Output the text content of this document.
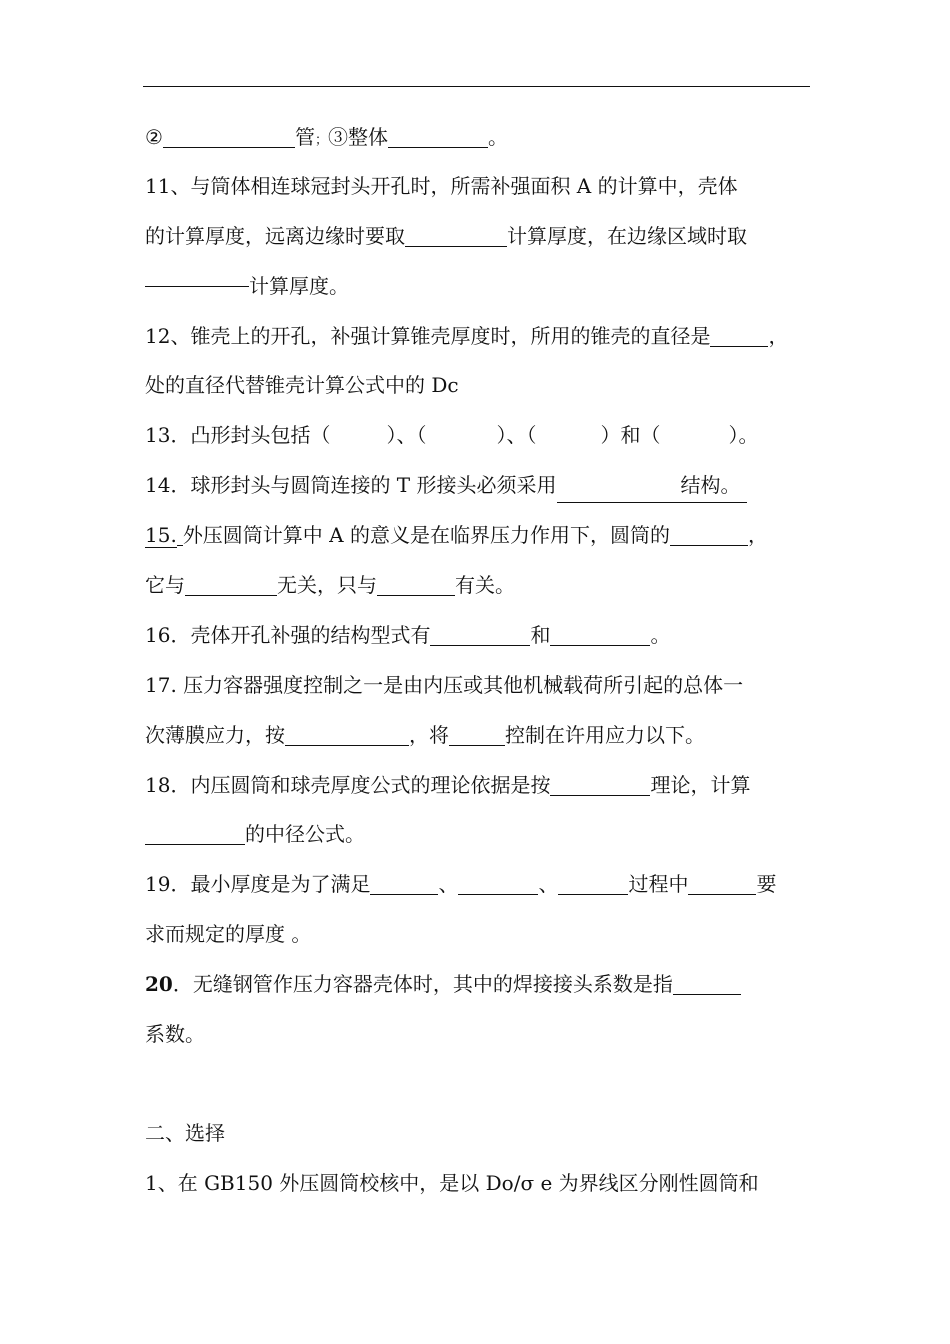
②	管；③整体	。
11、与筒体相连球冠封头开孔时，所需补强面积 A 的计算中，壳体
的计算厚度，远离边缘时要取	计算厚度，在边缘区域时取
计算厚度。
12、锥壳上的开孔，补强计算锥壳厚度时，所用的锥壳的直径是	，
处的直径代替锥壳计算公式中的 Dc
13．凸形封头包括（	）、（	）、（	）和（	）。
14．球形封头与圆筒连接的 T 形接头必须采用	结构。
15. 外压圆筒计算中 A 的意义是在临界压力作用下，圆筒的	，
它与	无关，只与	有关。
16．壳体开孔补强的结构型式有	和	。
17. 压力容器强度控制之一是由内压或其他机械载荷所引起的总体一
次薄膜应力，按	，将	控制在许用应力以下。
18．内压圆筒和球壳厚度公式的理论依据是按	理论，计算
的中径公式。
19．最小厚度是为了满足	、	、	过程中	要
求而规定的厚度 。
20．无缝钢管作压力容器壳体时，其中的焊接接头系数是指
系数。
二、选择
1、在 GB150 外压圆筒校核中，是以 Do/σ e 为界线区分刚性圆筒和
